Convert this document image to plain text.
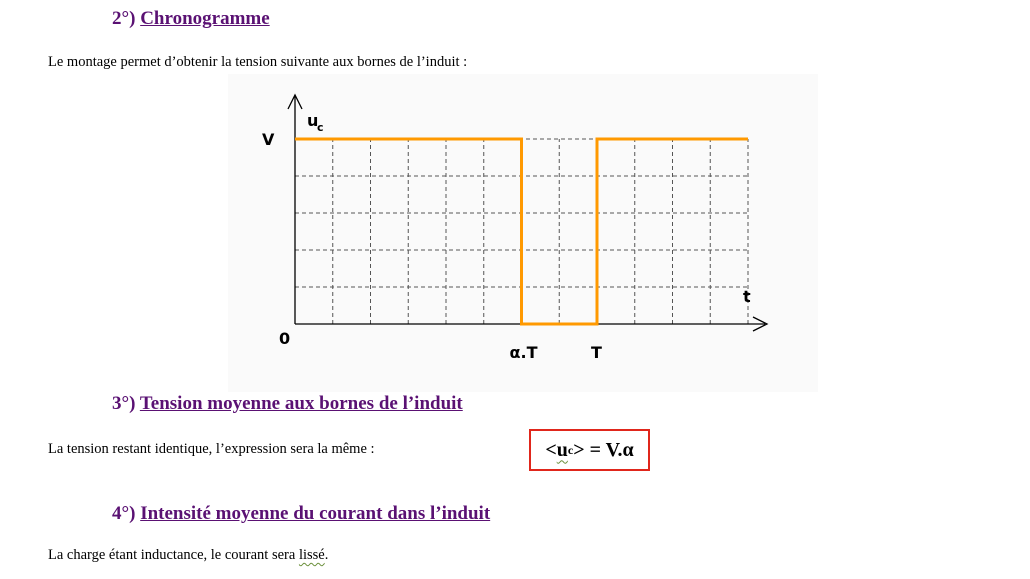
2°) Chronogramme
Le montage permet d’obtenir la tension suivante aux bornes de l’induit :
u
c
t
V
0
α.T	T
3°) Tension moyenne aux bornes de l’induit
La tension restant identique, l’expression sera la même :	< u c > = V.α
4°) Intensité moyenne du courant dans l’induit
La charge étant inductance, le courant sera lissé.
